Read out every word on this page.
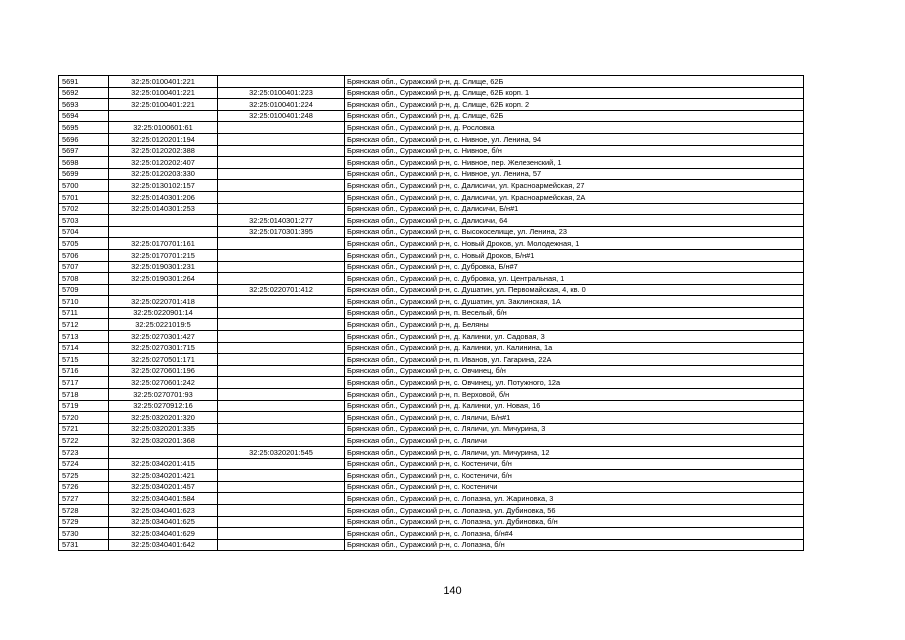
5691	32:25:0100401:221		Брянская обл., Суражский р-н, д. Слище, 62Б
5692	32:25:0100401:221	32:25:0100401:223	Брянская обл., Суражский р-н, д. Слище, 62Б корп. 1
5693	32:25:0100401:221	32:25:0100401:224	Брянская обл., Суражский р-н, д. Слище, 62Б корп. 2
5694		32:25:0100401:248	Брянская обл., Суражский р-н, д. Слище, 62Б
5695	32:25:0100601:61		Брянская обл., Суражский р-н, д. Рословка
5696	32:25:0120201:194		Брянская обл., Суражский р-н, с. Нивное, ул. Ленина, 94
5697	32:25:0120202:388		Брянская обл., Суражский р-н, с. Нивное, б/н
5698	32:25:0120202:407		Брянская обл., Суражский р-н, с. Нивное, пер. Железенский, 1
5699	32:25:0120203:330		Брянская обл., Суражский р-н, с. Нивное, ул. Ленина, 57
5700	32:25:0130102:157		Брянская обл., Суражский р-н, с. Далисичи, ул. Красноармейская, 27
5701	32:25:0140301:206		Брянская обл., Суражский р-н, с. Далисичи, ул. Красноармейская, 2А
5702	32:25:0140301:253		Брянская обл., Суражский р-н, с. Далисичи, Б/н#1
5703		32:25:0140301:277	Брянская обл., Суражский р-н, с. Далисичи, 64
5704		32:25:0170301:395	Брянская обл., Суражский р-н, с. Высокоселище, ул. Ленина, 23
5705	32:25:0170701:161		Брянская обл., Суражский р-н, с. Новый Дроков, ул. Молодежная, 1
5706	32:25:0170701:215		Брянская обл., Суражский р-н, с. Новый Дроков, Б/н#1
5707	32:25:0190301:231		Брянская обл., Суражский р-н, с. Дубровка, Б/н#7
5708	32:25:0190301:264		Брянская обл., Суражский р-н, с. Дубровка, ул. Центральная, 1
5709		32:25:0220701:412	Брянская обл., Суражский р-н, с. Душатин, ул. Первомайская, 4, кв. 0
5710	32:25:0220701:418		Брянская обл., Суражский р-н, с. Душатин, ул. Заклинская, 1А
5711	32:25:0220901:14		Брянская обл., Суражский р-н, п. Веселый, б/н
5712	32:25:0221019:5		Брянская обл., Суражский р-н, д. Беляны
5713	32:25:0270301:427		Брянская обл., Суражский р-н, д. Калинки, ул. Садовая, 3
5714	32:25:0270301:715		Брянская обл., Суражский р-н, д. Калинки, ул. Калинина, 1а
5715	32:25:0270501:171		Брянская обл., Суражский р-н, п. Иванов, ул. Гагарина, 22А
5716	32:25:0270601:196		Брянская обл., Суражский р-н, с. Овчинец, б/н
5717	32:25:0270601:242		Брянская обл., Суражский р-н, с. Овчинец, ул. Потужного, 12а
5718	32:25:0270701:93		Брянская обл., Суражский р-н, п. Верховой, б/н
5719	32:25:0270912:16		Брянская обл., Суражский р-н, д. Калинки, ул. Новая, 16
5720	32:25:0320201:320		Брянская обл., Суражский р-н, с. Ляличи, Б/н#1
5721	32:25:0320201:335		Брянская обл., Суражский р-н, с. Ляличи, ул. Мичурина, 3
5722	32:25:0320201:368		Брянская обл., Суражский р-н, с. Ляличи
5723		32:25:0320201:545	Брянская обл., Суражский р-н, с. Ляличи, ул. Мичурина, 12
5724	32:25:0340201:415		Брянская обл., Суражский р-н, с. Костеничи, б/н
5725	32:25:0340201:421		Брянская обл., Суражский р-н, с. Костеничи, б/н
5726	32:25:0340201:457		Брянская обл., Суражский р-н, с. Костеничи
5727	32:25:0340401:584		Брянская обл., Суражский р-н, с. Лопазна, ул. Жариновка, 3
5728	32:25:0340401:623		Брянская обл., Суражский р-н, с. Лопазна, ул. Дубиновка, 56
5729	32:25:0340401:625		Брянская обл., Суражский р-н, с. Лопазна, ул. Дубиновка, б/н
5730	32:25:0340401:629		Брянская обл., Суражский р-н, с. Лопазна, б/н#4
5731	32:25:0340401:642		Брянская обл., Суражский р-н, с. Лопазна, б/н
140
